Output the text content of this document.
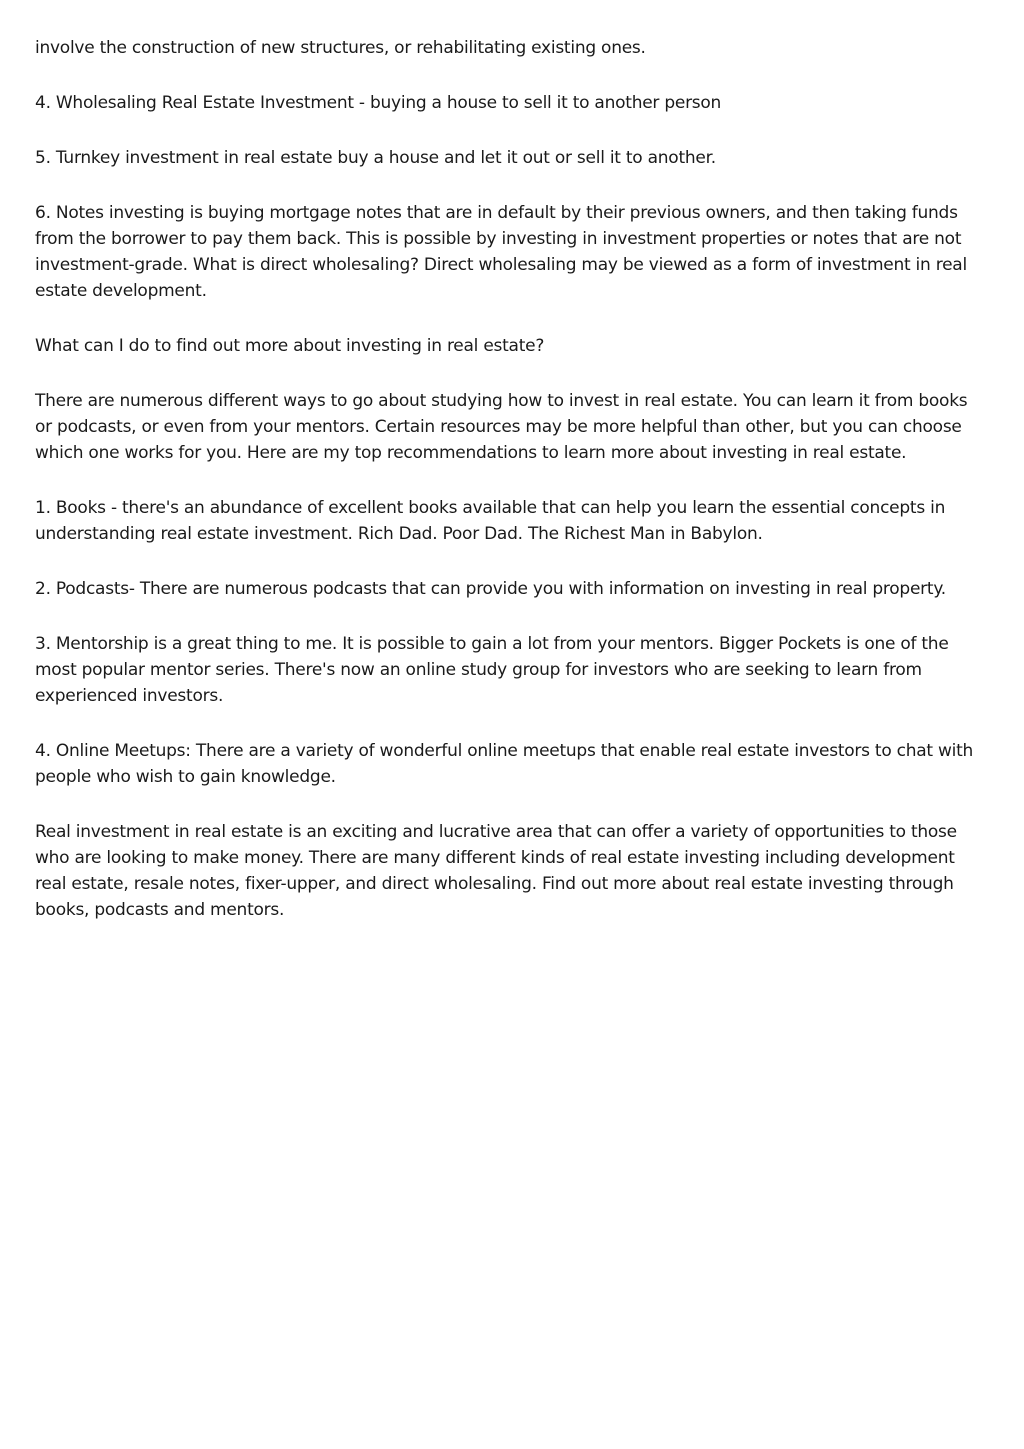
involve the construction of new structures, or rehabilitating existing ones.

4. Wholesaling Real Estate Investment - buying a house to sell it to another person

5. Turnkey investment in real estate buy a house and let it out or sell it to another.

6. Notes investing is buying mortgage notes that are in default by their previous owners, and then taking funds from the borrower to pay them back. This is possible by investing in investment properties or notes that are not investment-grade. What is direct wholesaling? Direct wholesaling may be viewed as a form of investment in real estate development.

What can I do to find out more about investing in real estate?

There are numerous different ways to go about studying how to invest in real estate. You can learn it from books or podcasts, or even from your mentors. Certain resources may be more helpful than other, but you can choose which one works for you. Here are my top recommendations to learn more about investing in real estate.

1. Books - there's an abundance of excellent books available that can help you learn the essential concepts in understanding real estate investment. Rich Dad. Poor Dad. The Richest Man in Babylon.

2. Podcasts- There are numerous podcasts that can provide you with information on investing in real property.

3. Mentorship is a great thing to me. It is possible to gain a lot from your mentors. Bigger Pockets is one of the most popular mentor series. There's now an online study group for investors who are seeking to learn from experienced investors.

4. Online Meetups: There are a variety of wonderful online meetups that enable real estate investors to chat with people who wish to gain knowledge.

Real investment in real estate is an exciting and lucrative area that can offer a variety of opportunities to those who are looking to make money. There are many different kinds of real estate investing including development real estate, resale notes, fixer-upper, and direct wholesaling. Find out more about real estate investing through books, podcasts and mentors.
